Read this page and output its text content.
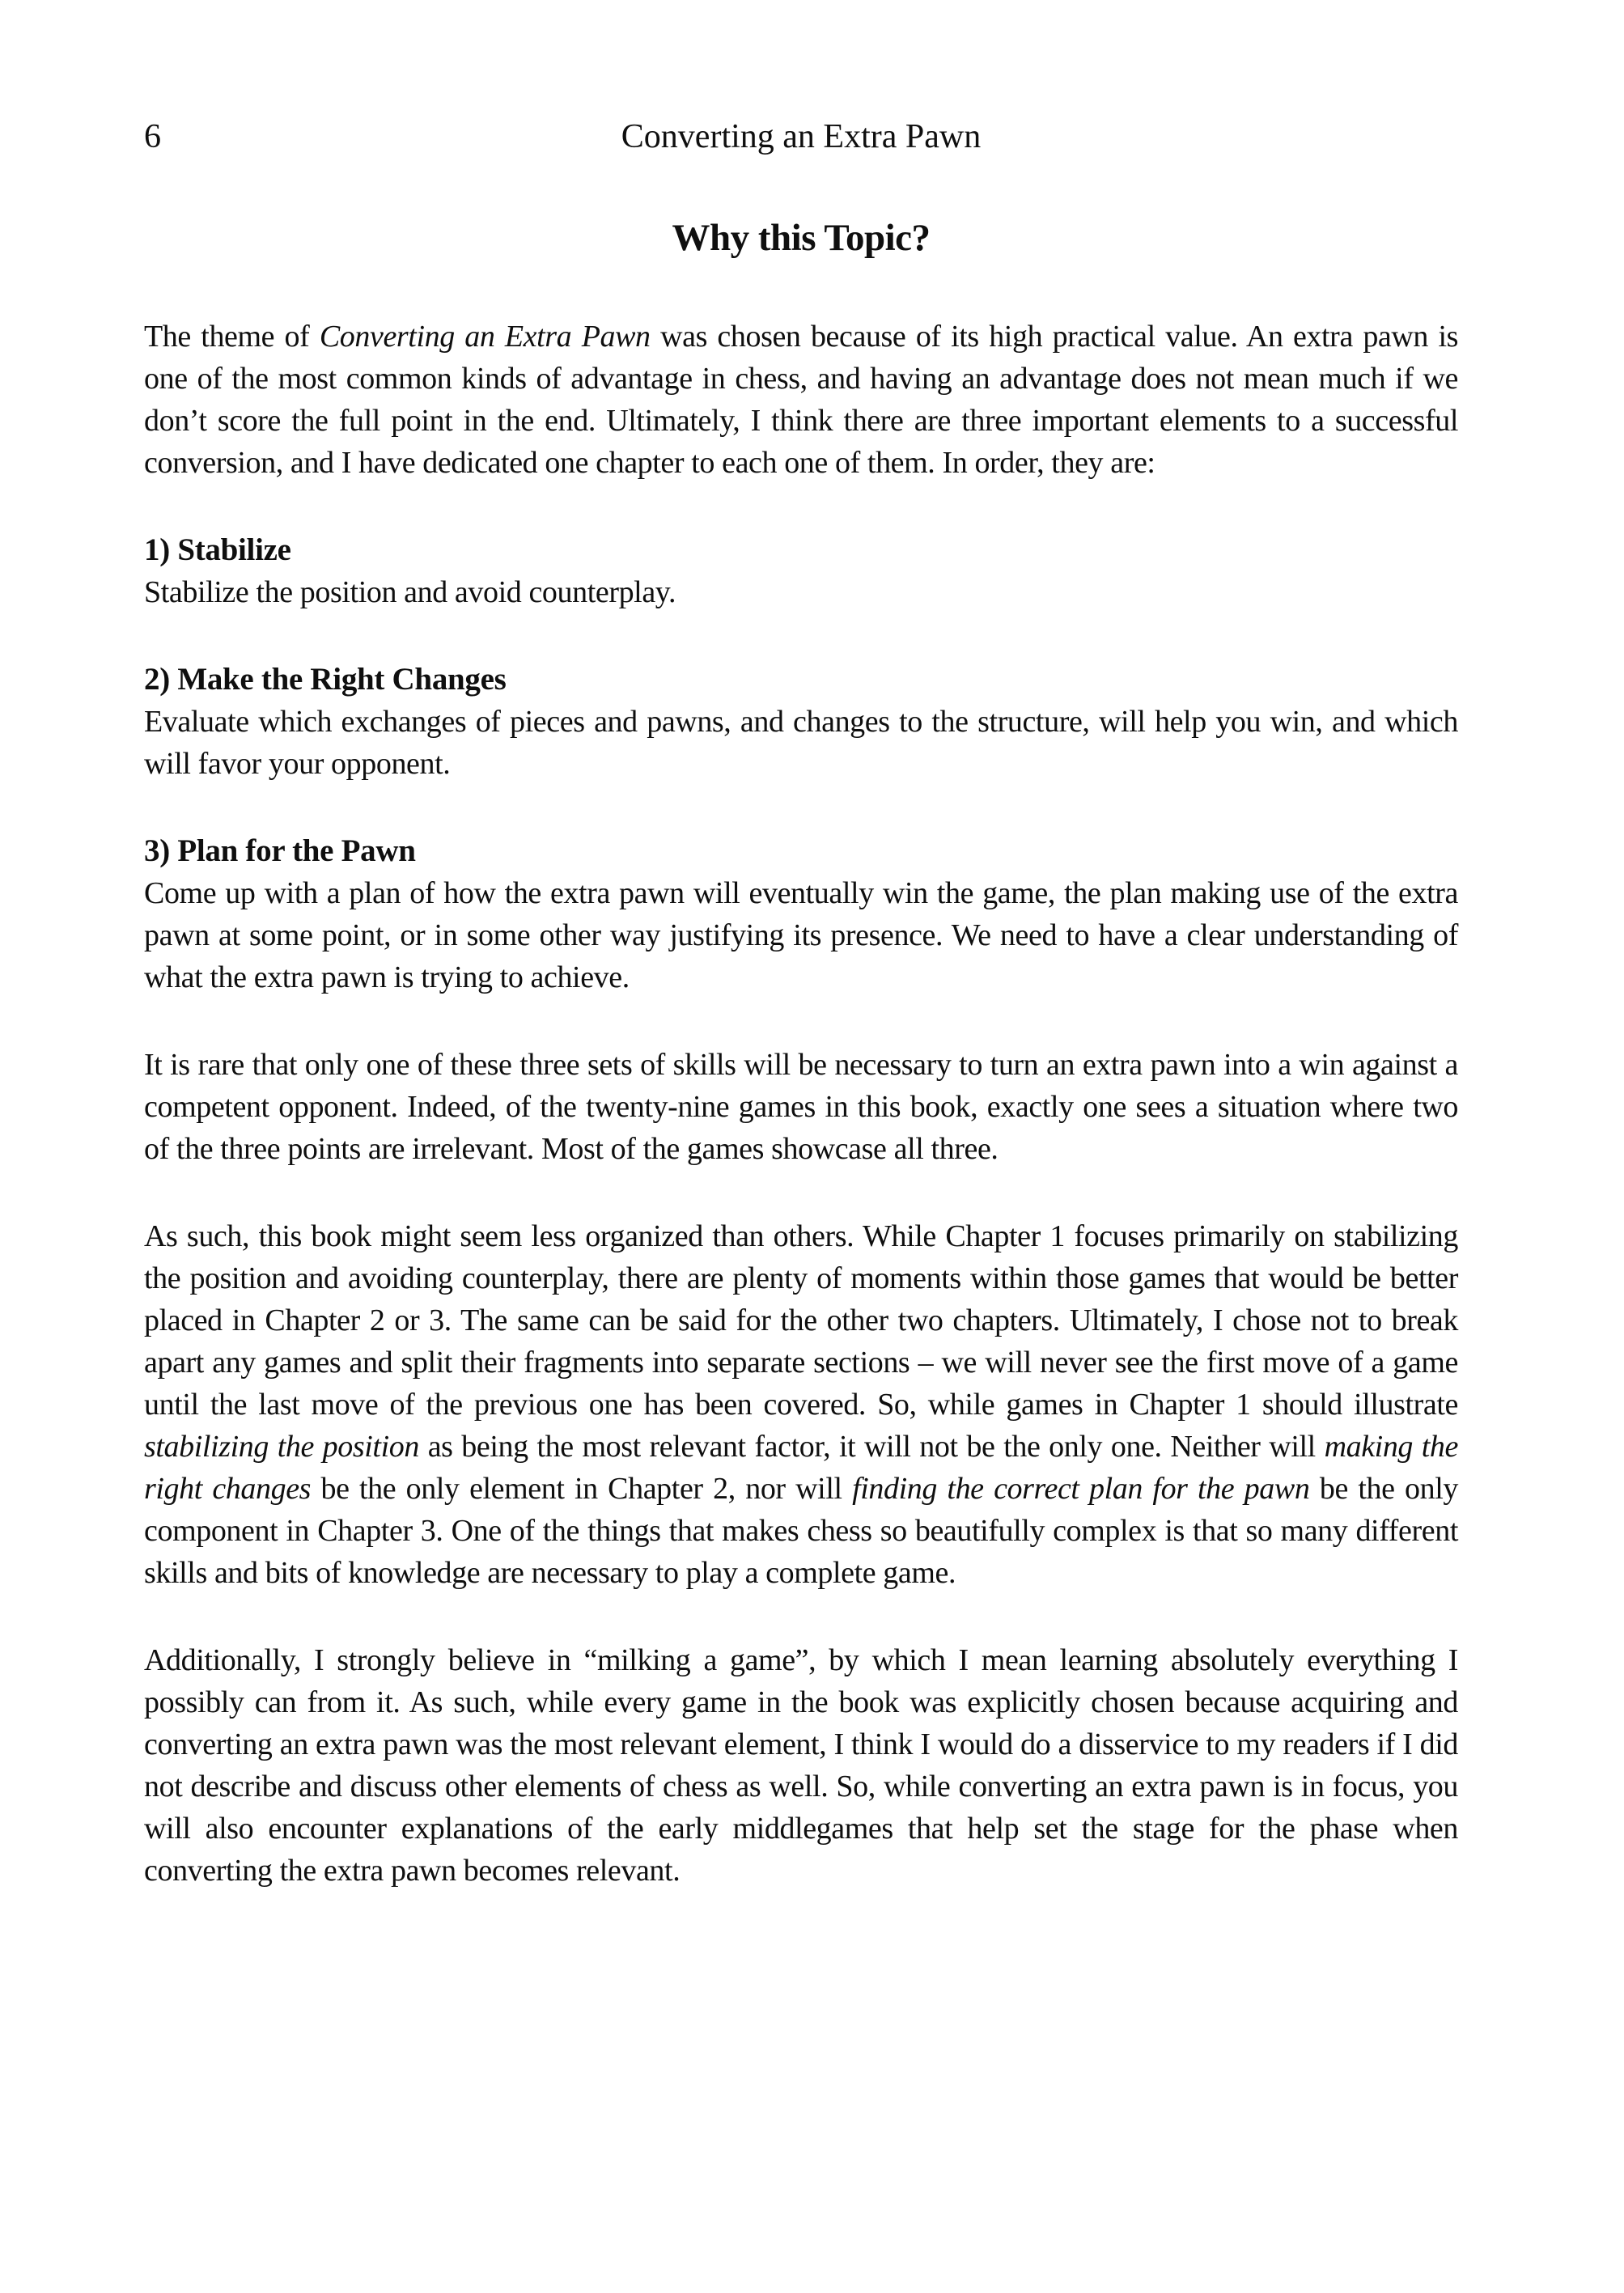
6	Converting an Extra Pawn
Why this Topic?

The theme of Converting an Extra Pawn was chosen because of its high practical value. An extra pawn is one of the most common kinds of advantage in chess, and having an advantage does not mean much if we don’t score the full point in the end. Ultimately, I think there are three important elements to a successful conversion, and I have dedicated one chapter to each one of them. In order, they are:

1) Stabilize

Stabilize the position and avoid counterplay.

2) Make the Right Changes

Evaluate which exchanges of pieces and pawns, and changes to the structure, will help you win, and which will favor your opponent.

3) Plan for the Pawn

Come up with a plan of how the extra pawn will eventually win the game, the plan making use of the extra pawn at some point, or in some other way justifying its presence. We need to have a clear understanding of what the extra pawn is trying to achieve.

It is rare that only one of these three sets of skills will be necessary to turn an extra pawn into a win against a competent opponent. Indeed, of the twenty-nine games in this book, exactly one sees a situation where two of the three points are irrelevant. Most of the games showcase all three.

As such, this book might seem less organized than others. While Chapter 1 focuses primarily on stabilizing the position and avoiding counterplay, there are plenty of moments within those games that would be better placed in Chapter 2 or 3. The same can be said for the other two chapters. Ultimately, I chose not to break apart any games and split their fragments into separate sections – we will never see the first move of a game until the last move of the previous one has been covered. So, while games in Chapter 1 should illustrate stabilizing the position as being the most relevant factor, it will not be the only one. Neither will making the right changes be the only element in Chapter 2, nor will finding the correct plan for the pawn be the only component in Chapter 3. One of the things that makes chess so beautifully complex is that so many different skills and bits of knowledge are necessary to play a complete game.

Additionally, I strongly believe in “milking a game”, by which I mean learning absolutely everything I possibly can from it. As such, while every game in the book was explicitly chosen because acquiring and converting an extra pawn was the most relevant element, I think I would do a disservice to my readers if I did not describe and discuss other elements of chess as well. So, while converting an extra pawn is in focus, you will also encounter explanations of the early middlegames that help set the stage for the phase when converting the extra pawn becomes relevant.
